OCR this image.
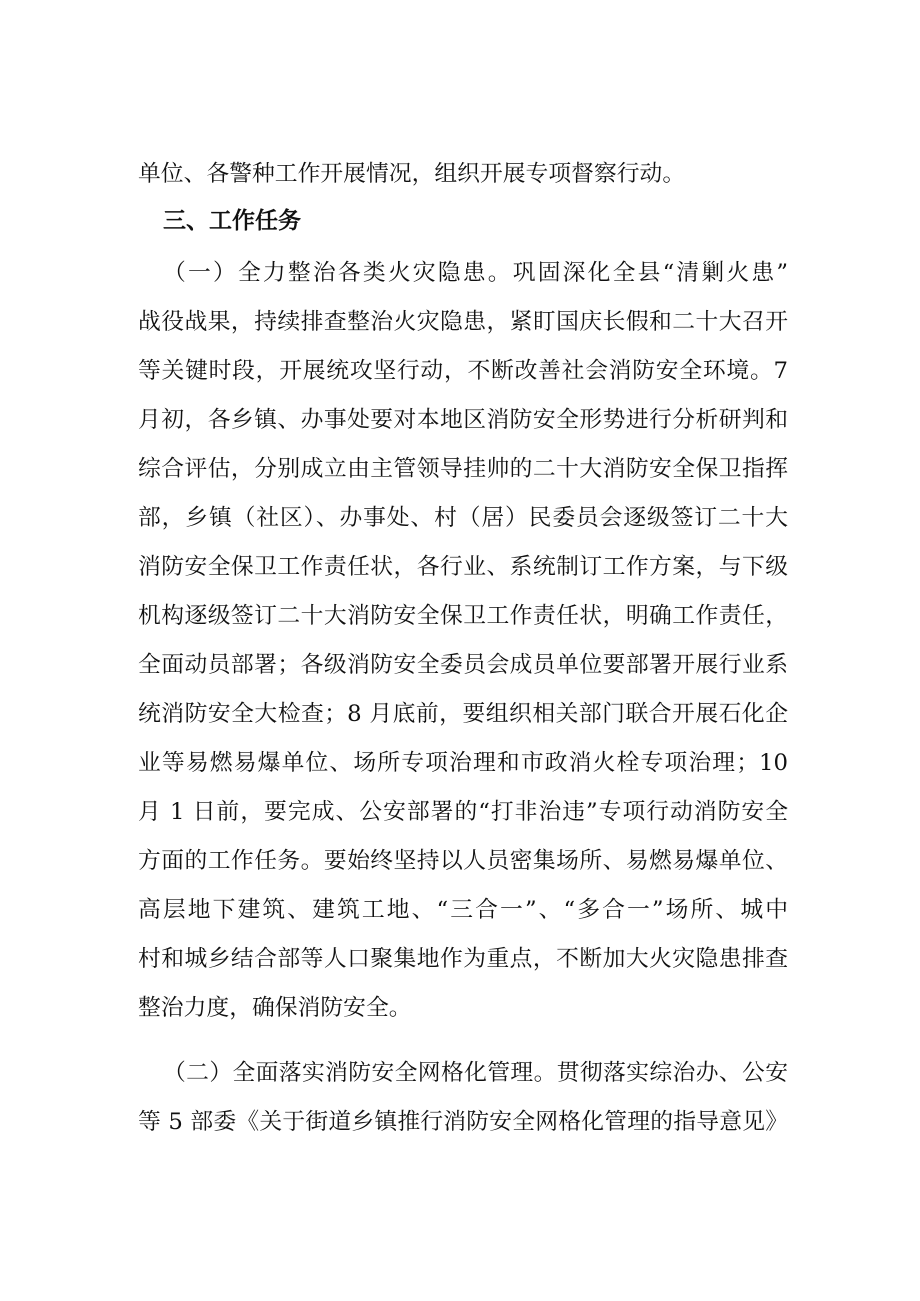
单位、各警种工作开展情况，组织开展专项督察行动。
三、工作任务
（一）全力整治各类火灾隐患。巩固深化全县“清剿火患”
战役战果，持续排查整治火灾隐患，紧盯国庆长假和二十大召开
等关键时段，开展统攻坚行动，不断改善社会消防安全环境。7
月初，各乡镇、办事处要对本地区消防安全形势进行分析研判和
综合评估，分别成立由主管领导挂帅的二十大消防安全保卫指挥
部，乡镇（社区）、办事处、村（居）民委员会逐级签订二十大
消防安全保卫工作责任状，各行业、系统制订工作方案，与下级
机构逐级签订二十大消防安全保卫工作责任状，明确工作责任，
全面动员部署；各级消防安全委员会成员单位要部署开展行业系
统消防安全大检查；8 月底前，要组织相关部门联合开展石化企
业等易燃易爆单位、场所专项治理和市政消火栓专项治理；10
月 1 日前，要完成、公安部署的“打非治违”专项行动消防安全
方面的工作任务。要始终坚持以人员密集场所、易燃易爆单位、
高层地下建筑、建筑工地、“三合一”、“多合一”场所、城中
村和城乡结合部等人口聚集地作为重点，不断加大火灾隐患排查
整治力度，确保消防安全。
（二）全面落实消防安全网格化管理。贯彻落实综治办、公安
等 5 部委《关于街道乡镇推行消防安全网格化管理的指导意见》
